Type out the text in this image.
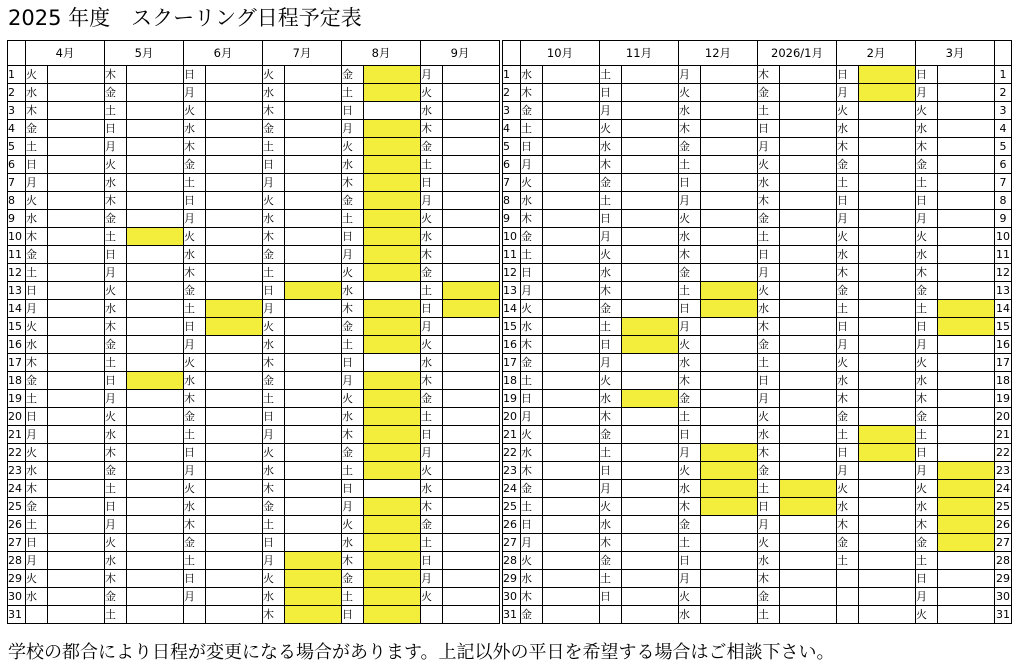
2025 年度　スクーリング日程予定表
	4月		5月		6月		7月		8月		9月				10月		11月		12月		2026/1月		2月		3月		
1	火		木		日		火		金		月			1	水		土		月		木		日		日		1
2	水		金		月		水		土		火			2	木		日		火		金		月		月		2
3	木		土		火		木		日		水			3	金		月		水		土		火		火		3
4	金		日		水		金		月		木			4	土		火		木		日		水		水		4
5	土		月		木		土		火		金			5	日		水		金		月		木		木		5
6	日		火		金		日		水		土			6	月		木		土		火		金		金		6
7	月		水		土		月		木		日			7	火		金		日		水		土		土		7
8	火		木		日		火		金		月			8	水		土		月		木		日		日		8
9	水		金		月		水		土		火			9	木		日		火		金		月		月		9
10	木		土		火		木		日		水			10	金		月		水		土		火		火		10
11	金		日		水		金		月		木			11	土		火		木		日		水		水		11
12	土		月		木		土		火		金			12	日		水		金		月		木		木		12
13	日		火		金		日		水		土			13	月		木		土		火		金		金		13
14	月		水		土		月		木		日			14	火		金		日		水		土		土		14
15	火		木		日		火		金		月			15	水		土		月		木		日		日		15
16	水		金		月		水		土		火			16	木		日		火		金		月		月		16
17	木		土		火		木		日		水			17	金		月		水		土		火		火		17
18	金		日		水		金		月		木			18	土		火		木		日		水		水		18
19	土		月		木		土		火		金			19	日		水		金		月		木		木		19
20	日		火		金		日		水		土			20	月		木		土		火		金		金		20
21	月		水		土		月		木		日			21	火		金		日		水		土		土		21
22	火		木		日		火		金		月			22	水		土		月		木		日		日		22
23	水		金		月		水		土		火			23	木		日		火		金		月		月		23
24	木		土		火		木		日		水			24	金		月		水		土		火		火		24
25	金		日		水		金		月		木			25	土		火		木		日		水		水		25
26	土		月		木		土		火		金			26	日		水		金		月		木		木		26
27	日		火		金		日		水		土			27	月		木		土		火		金		金		27
28	月		水		土		月		木		日			28	火		金		日		水		土		土		28
29	火		木		日		火		金		月			29	水		土		月		木				日		29
30	水		金		月		水		土		火			30	木		日		火		金				月		30
31			土				木		日					31	金				水		土				火		31
学校の都合により日程が変更になる場合があります。上記以外の平日を希望する場合はご相談下さい。
